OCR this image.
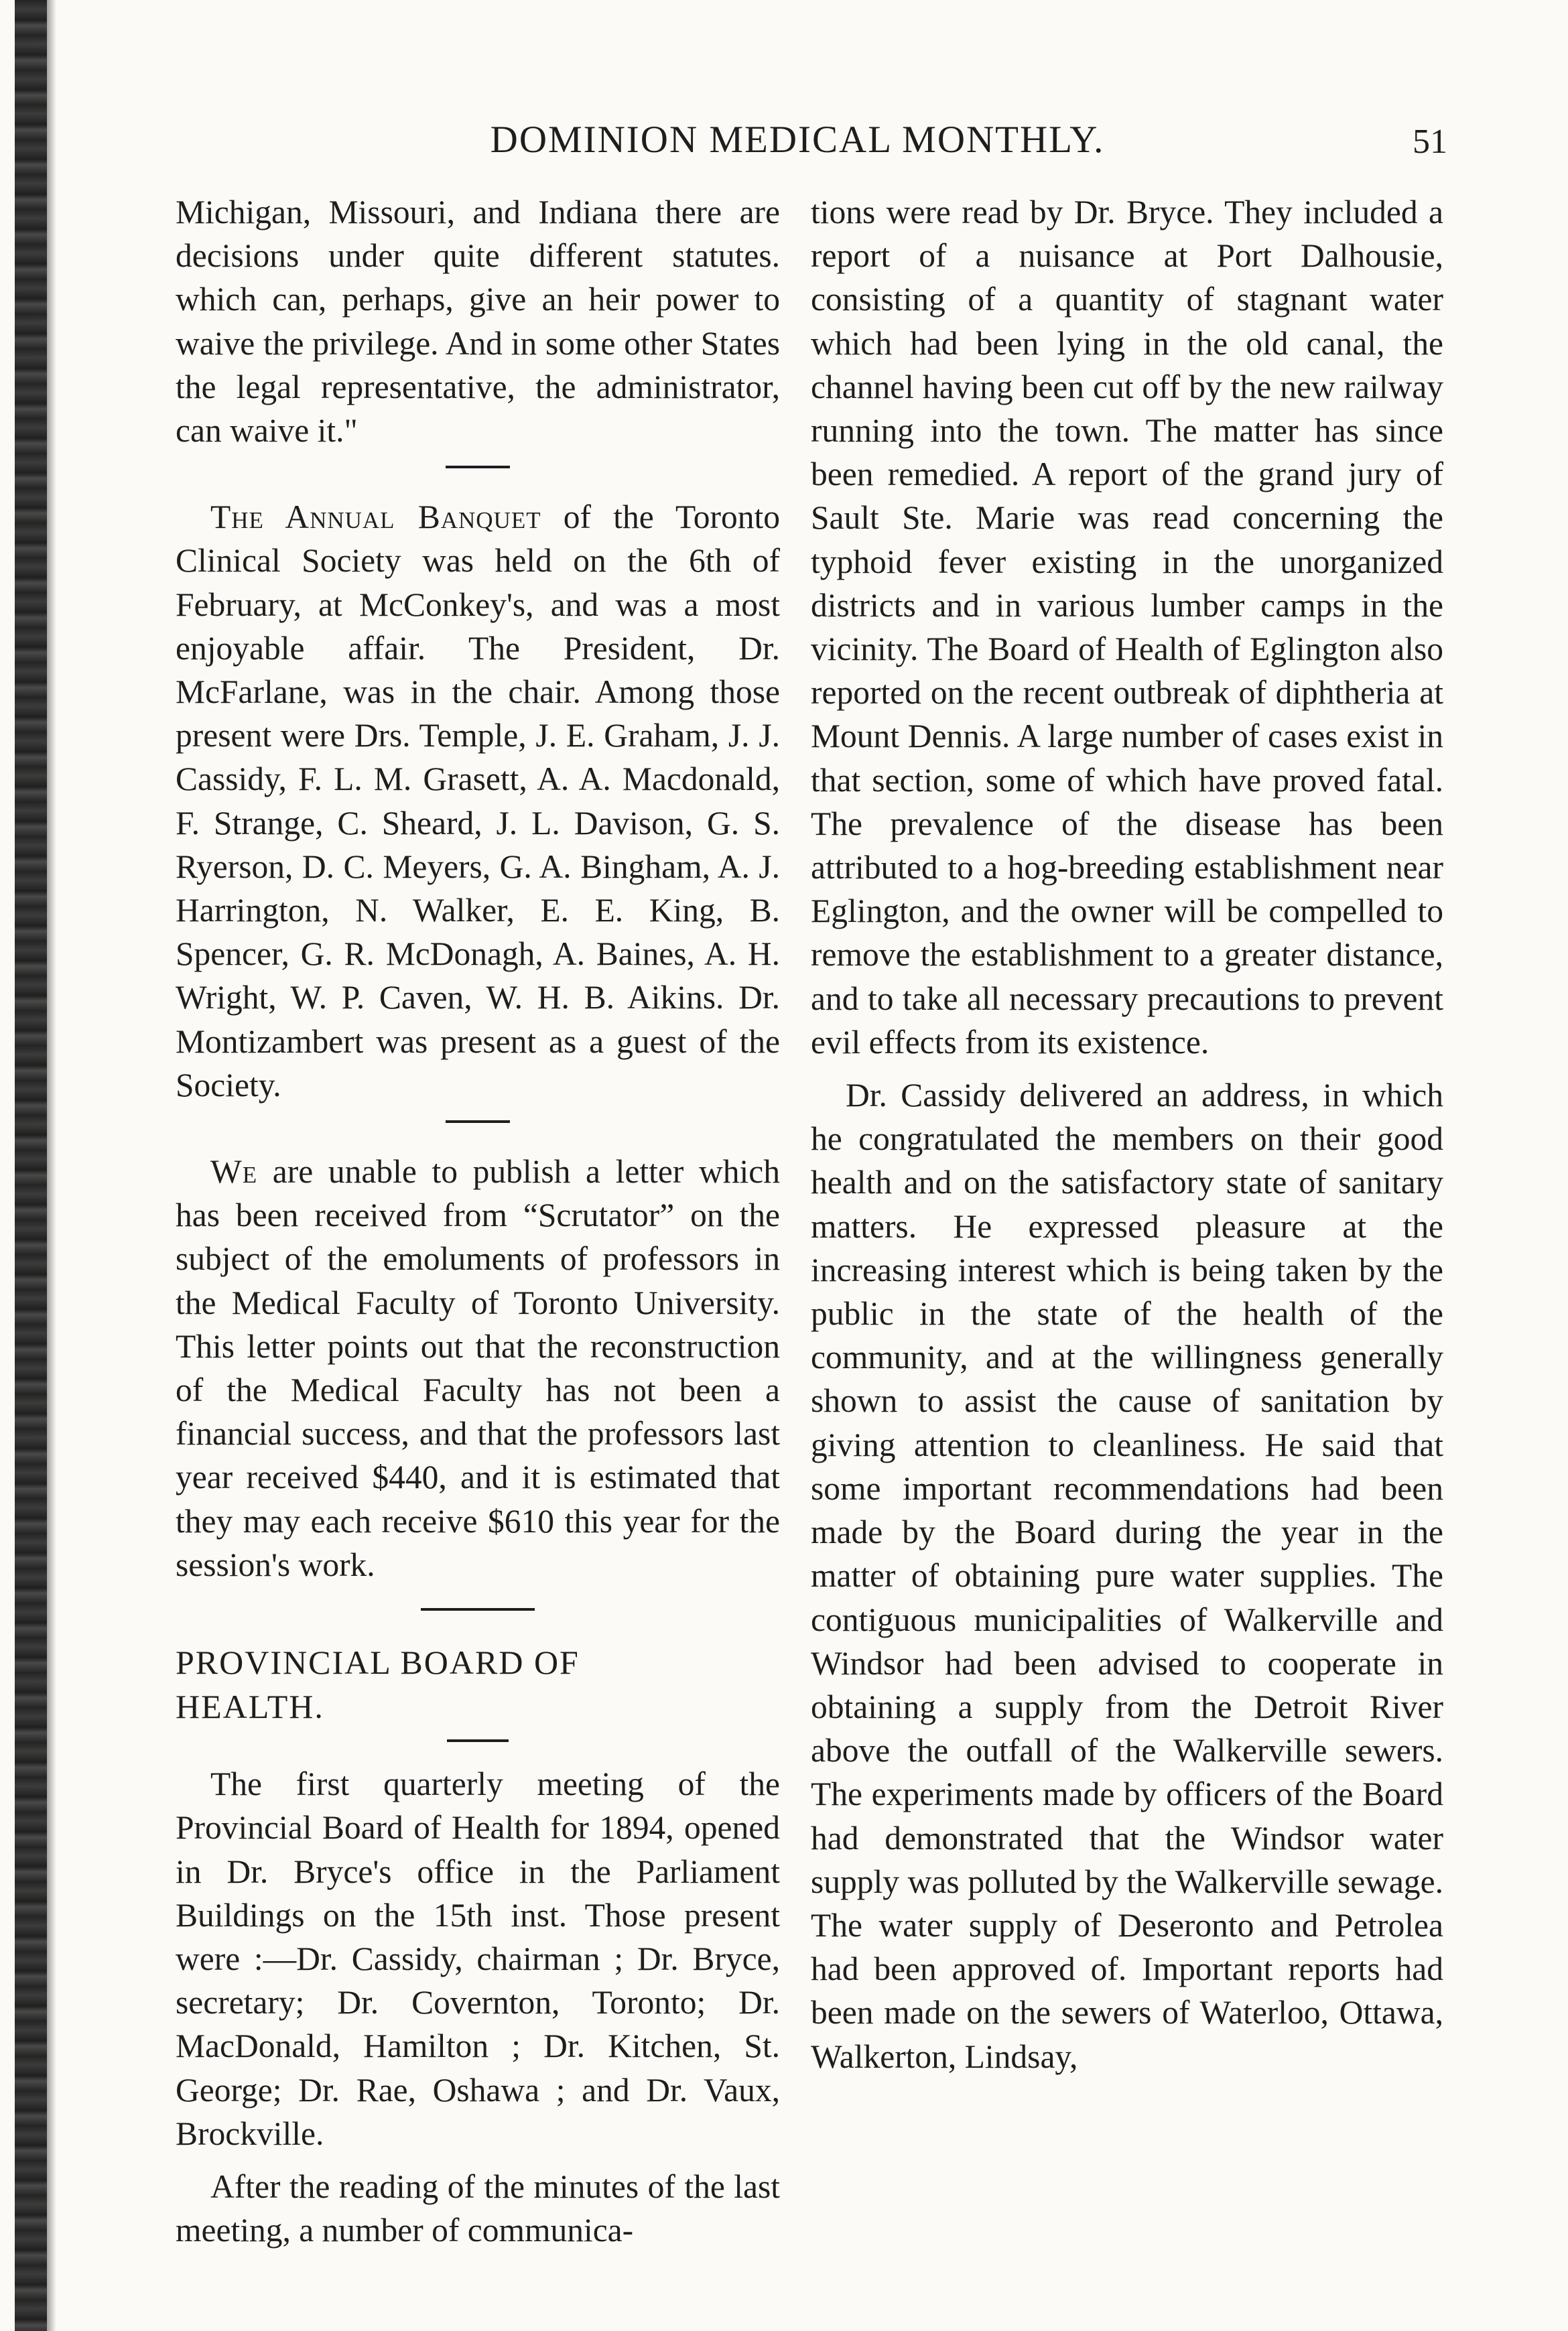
DOMINION MEDICAL MONTHLY.	51

Michigan, Missouri, and Indiana there are decisions under quite different statutes. which can, perhaps, give an heir power to waive the privilege. And in some other States the legal representative, the administrator, can waive it."

The Annual Banquet of the Toronto Clinical Society was held on the 6th of February, at McConkey's, and was a most enjoyable affair. The President, Dr. McFarlane, was in the chair. Among those present were Drs. Temple, J. E. Graham, J. J. Cassidy, F. L. M. Grasett, A. A. Macdonald, F. Strange, C. Sheard, J. L. Davison, G. S. Ryerson, D. C. Meyers, G. A. Bingham, A. J. Harrington, N. Walker, E. E. King, B. Spencer, G. R. McDonagh, A. Baines, A. H. Wright, W. P. Caven, W. H. B. Aikins. Dr. Montizambert was present as a guest of the Society.

We are unable to publish a letter which has been received from “Scrutator” on the subject of the emoluments of professors in the Medical Faculty of Toronto University. This letter points out that the reconstruction of the Medical Faculty has not been a financial success, and that the professors last year received $440, and it is estimated that they may each receive $610 this year for the session's work.

PROVINCIAL BOARD OF

HEALTH.

The first quarterly meeting of the Provincial Board of Health for 1894, opened in Dr. Bryce's office in the Parliament Buildings on the 15th inst. Those present were :—Dr. Cassidy, chairman ; Dr. Bryce, secretary; Dr. Covernton, Toronto; Dr. MacDonald, Hamilton ; Dr. Kitchen, St. George; Dr. Rae, Oshawa ; and Dr. Vaux, Brockville.

After the reading of the minutes of the last meeting, a number of communica-

tions were read by Dr. Bryce. They included a report of a nuisance at Port Dalhousie, consisting of a quantity of stagnant water which had been lying in the old canal, the channel having been cut off by the new railway running into the town. The matter has since been remedied. A report of the grand jury of Sault Ste. Marie was read concerning the typhoid fever existing in the unorganized districts and in various lumber camps in the vicinity. The Board of Health of Eglington also reported on the recent outbreak of diphtheria at Mount Dennis. A large number of cases exist in that section, some of which have proved fatal. The prevalence of the disease has been attributed to a hog-breeding establishment near Eglington, and the owner will be compelled to remove the establishment to a greater distance, and to take all necessary precautions to prevent evil effects from its existence.

Dr. Cassidy delivered an address, in which he congratulated the members on their good health and on the satisfactory state of sanitary matters. He expressed pleasure at the increasing interest which is being taken by the public in the state of the health of the community, and at the willingness generally shown to assist the cause of sanitation by giving attention to cleanliness. He said that some important recommendations had been made by the Board during the year in the matter of obtaining pure water supplies. The contiguous municipalities of Walkerville and Windsor had been advised to cooperate in obtaining a supply from the Detroit River above the outfall of the Walkerville sewers. The experiments made by officers of the Board had demonstrated that the Windsor water supply was polluted by the Walkerville sewage. The water supply of Deseronto and Petrolea had been approved of. Important reports had been made on the sewers of Waterloo, Ottawa, Walkerton, Lindsay,
